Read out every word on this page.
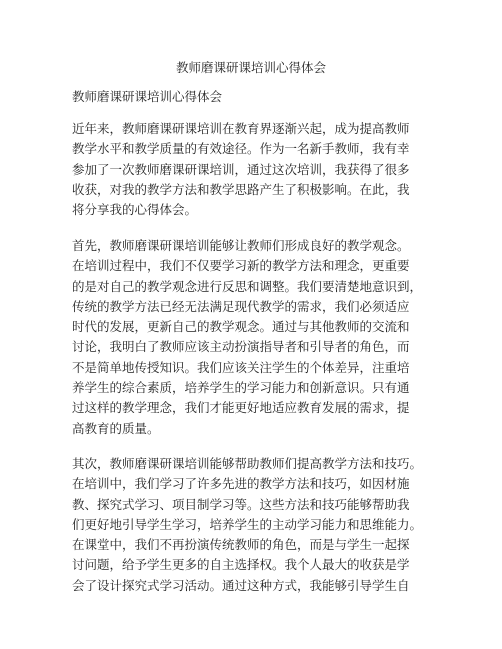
教师磨课研课培训心得体会
教师磨课研课培训心得体会
近年来，教师磨课研课培训在教育界逐渐兴起，成为提高教师
教学水平和教学质量的有效途径。作为一名新手教师，我有幸
参加了一次教师磨课研课培训，通过这次培训，我获得了很多
收获，对我的教学方法和教学思路产生了积极影响。在此，我
将分享我的心得体会。
首先，教师磨课研课培训能够让教师们形成良好的教学观念。
在培训过程中，我们不仅要学习新的教学方法和理念，更重要
的是对自己的教学观念进行反思和调整。我们要清楚地意识到，
传统的教学方法已经无法满足现代教学的需求，我们必须适应
时代的发展，更新自己的教学观念。通过与其他教师的交流和
讨论，我明白了教师应该主动扮演指导者和引导者的角色，而
不是简单地传授知识。我们应该关注学生的个体差异，注重培
养学生的综合素质，培养学生的学习能力和创新意识。只有通
过这样的教学理念，我们才能更好地适应教育发展的需求，提
高教育的质量。
其次，教师磨课研课培训能够帮助教师们提高教学方法和技巧。
在培训中，我们学习了许多先进的教学方法和技巧，如因材施
教、探究式学习、项目制学习等。这些方法和技巧能够帮助我
们更好地引导学生学习，培养学生的主动学习能力和思维能力。
在课堂中，我们不再扮演传统教师的角色，而是与学生一起探
讨问题，给予学生更多的自主选择权。我个人最大的收获是学
会了设计探究式学习活动。通过这种方式，我能够引导学生自
